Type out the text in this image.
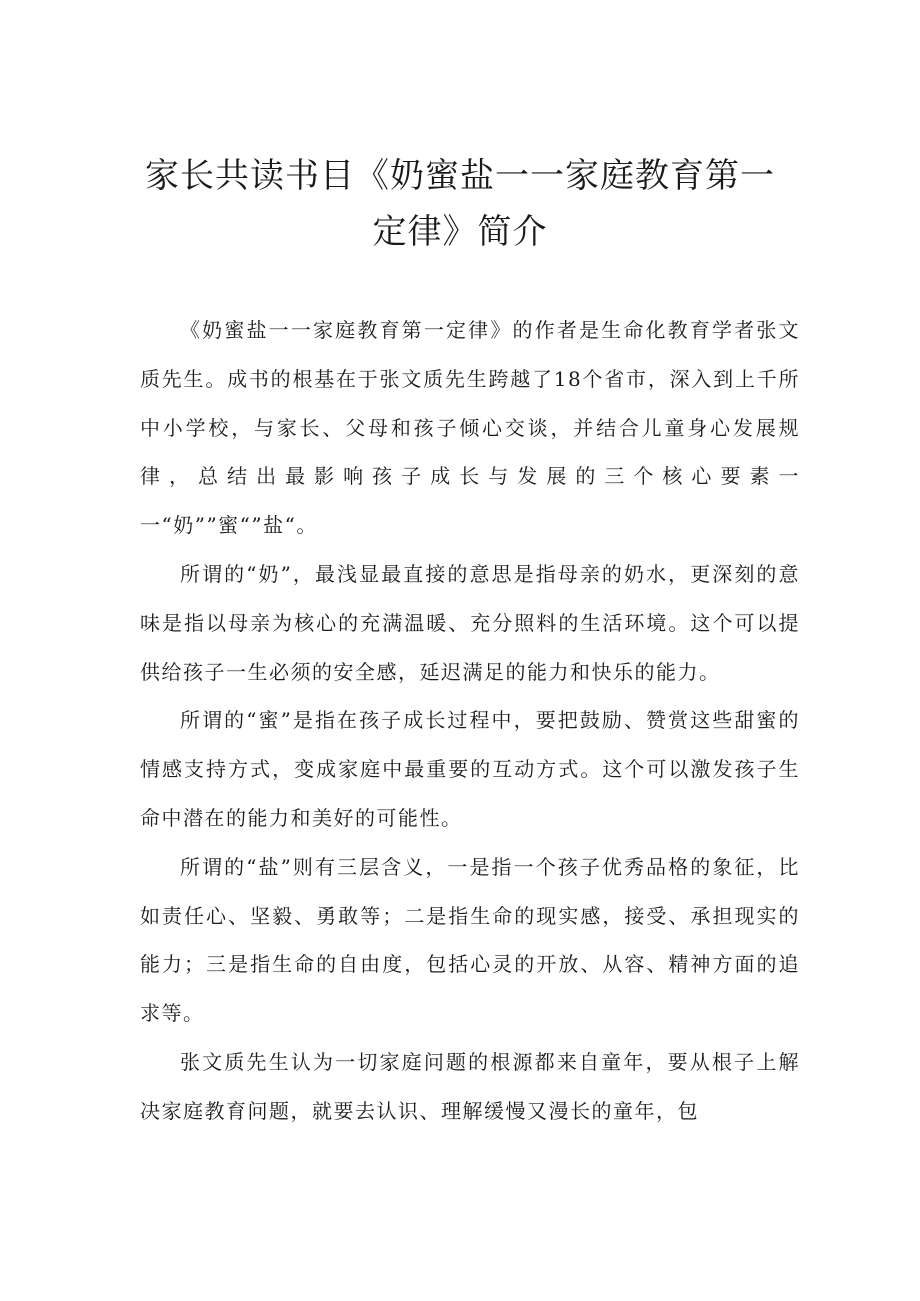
家长共读书目《奶蜜盐一一家庭教育第一定律》简介

《奶蜜盐一一家庭教育第一定律》的作者是生命化教育学者张文质先生。成书的根基在于张文质先生跨越了18个省市，深入到上千所中小学校，与家长、父母和孩子倾心交谈，并结合儿童身心发展规律，总结出最影响孩子成长与发展的三个核心要素一一“奶””蜜“”盐“。

所谓的“奶”，最浅显最直接的意思是指母亲的奶水，更深刻的意味是指以母亲为核心的充满温暖、充分照料的生活环境。这个可以提供给孩子一生必须的安全感，延迟满足的能力和快乐的能力。

所谓的“蜜”是指在孩子成长过程中，要把鼓励、赞赏这些甜蜜的情感支持方式，变成家庭中最重要的互动方式。这个可以激发孩子生命中潜在的能力和美好的可能性。

所谓的“盐”则有三层含义，一是指一个孩子优秀品格的象征，比如责任心、坚毅、勇敢等；二是指生命的现实感，接受、承担现实的能力；三是指生命的自由度，包括心灵的开放、从容、精神方面的追求等。

张文质先生认为一切家庭问题的根源都来自童年，要从根子上解决家庭教育问题，就要去认识、理解缓慢又漫长的童年，包
